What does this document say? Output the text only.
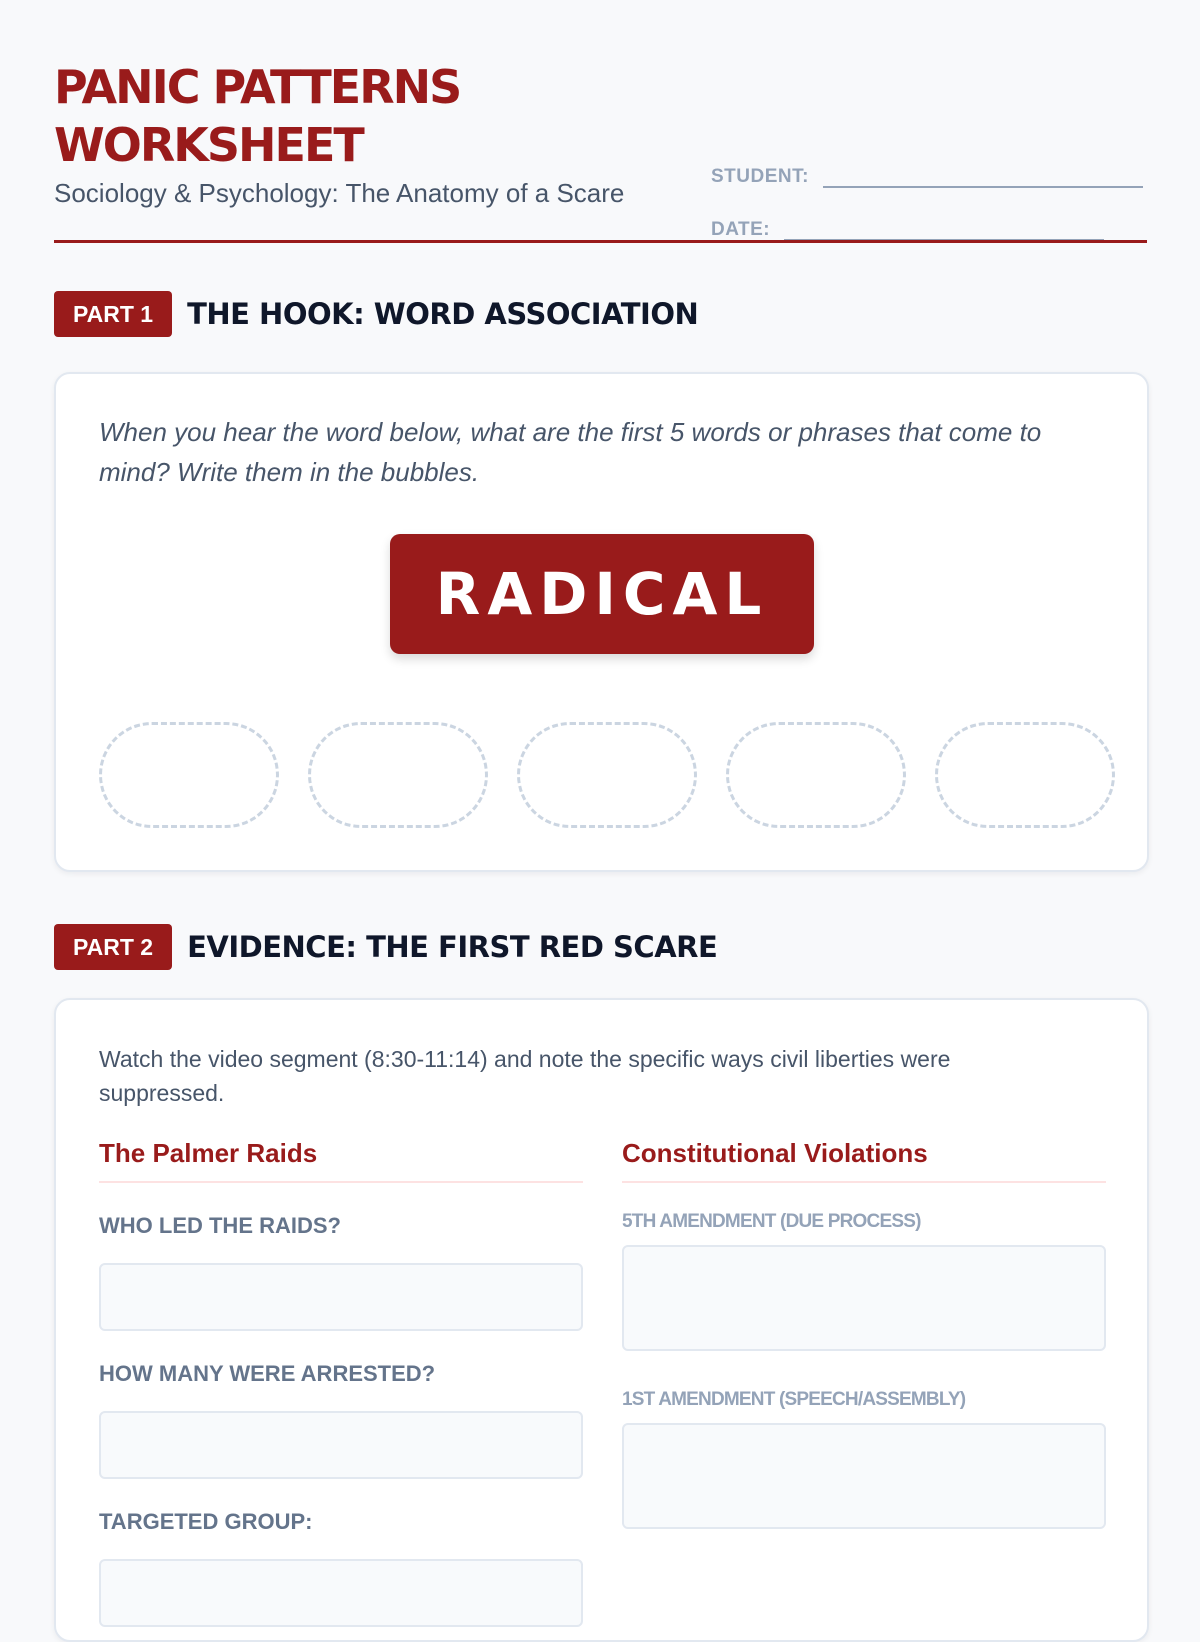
PANIC PATTERNS WORKSHEET
Sociology & Psychology: The Anatomy of a Scare
STUDENT:
DATE:
PART 1	THE HOOK: WORD ASSOCIATION
When you hear the word below, what are the first 5 words or phrases that come to mind? Write them in the bubbles.
RADICAL
PART 2	EVIDENCE: THE FIRST RED SCARE
Watch the video segment (8:30-11:14) and note the specific ways civil liberties were suppressed.
The Palmer Raids
WHO LED THE RAIDS?
HOW MANY WERE ARRESTED?
TARGETED GROUP:
Constitutional Violations
5TH AMENDMENT (DUE PROCESS)
1ST AMENDMENT (SPEECH/ASSEMBLY)
